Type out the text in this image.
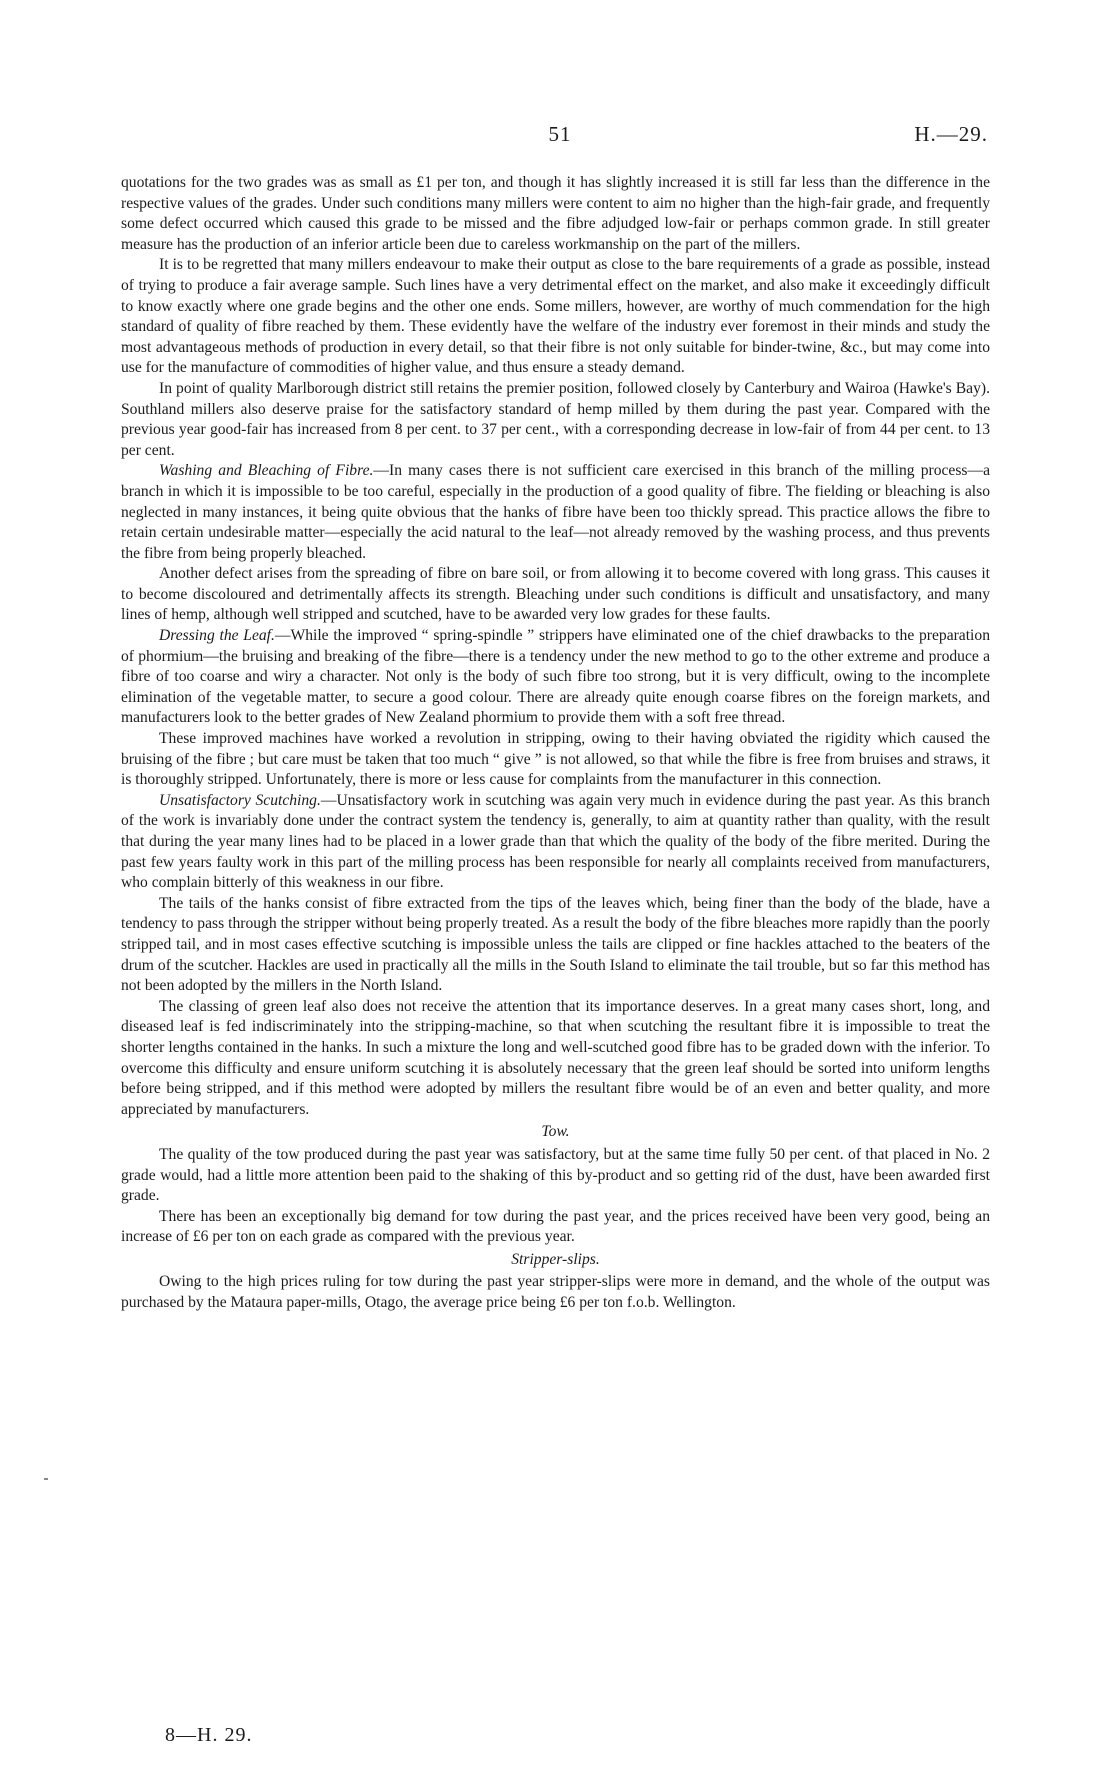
51	H.—29.

quotations for the two grades was as small as £1 per ton, and though it has slightly increased it is still far less than the difference in the respective values of the grades. Under such conditions many millers were content to aim no higher than the high-fair grade, and frequently some defect occurred which caused this grade to be missed and the fibre adjudged low-fair or perhaps common grade. In still greater measure has the production of an inferior article been due to careless workmanship on the part of the millers.

It is to be regretted that many millers endeavour to make their output as close to the bare requirements of a grade as possible, instead of trying to produce a fair average sample. Such lines have a very detrimental effect on the market, and also make it exceedingly difficult to know exactly where one grade begins and the other one ends. Some millers, however, are worthy of much commendation for the high standard of quality of fibre reached by them. These evidently have the welfare of the industry ever foremost in their minds and study the most advantageous methods of production in every detail, so that their fibre is not only suitable for binder-twine, &c., but may come into use for the manufacture of commodities of higher value, and thus ensure a steady demand.

In point of quality Marlborough district still retains the premier position, followed closely by Canterbury and Wairoa (Hawke's Bay). Southland millers also deserve praise for the satisfactory standard of hemp milled by them during the past year. Compared with the previous year good-fair has increased from 8 per cent. to 37 per cent., with a corresponding decrease in low-fair of from 44 per cent. to 13 per cent.

Washing and Bleaching of Fibre.—In many cases there is not sufficient care exercised in this branch of the milling process—a branch in which it is impossible to be too careful, especially in the production of a good quality of fibre. The fielding or bleaching is also neglected in many instances, it being quite obvious that the hanks of fibre have been too thickly spread. This practice allows the fibre to retain certain undesirable matter—especially the acid natural to the leaf—not already removed by the washing process, and thus prevents the fibre from being properly bleached.

Another defect arises from the spreading of fibre on bare soil, or from allowing it to become covered with long grass. This causes it to become discoloured and detrimentally affects its strength. Bleaching under such conditions is difficult and unsatisfactory, and many lines of hemp, although well stripped and scutched, have to be awarded very low grades for these faults.

Dressing the Leaf.—While the improved “ spring-spindle ” strippers have eliminated one of the chief drawbacks to the preparation of phormium—the bruising and breaking of the fibre—there is a tendency under the new method to go to the other extreme and produce a fibre of too coarse and wiry a character. Not only is the body of such fibre too strong, but it is very difficult, owing to the incomplete elimination of the vegetable matter, to secure a good colour. There are already quite enough coarse fibres on the foreign markets, and manufacturers look to the better grades of New Zealand phormium to provide them with a soft free thread.

These improved machines have worked a revolution in stripping, owing to their having obviated the rigidity which caused the bruising of the fibre ; but care must be taken that too much “ give ” is not allowed, so that while the fibre is free from bruises and straws, it is thoroughly stripped. Unfortunately, there is more or less cause for complaints from the manufacturer in this connection.

Unsatisfactory Scutching.—Unsatisfactory work in scutching was again very much in evidence during the past year. As this branch of the work is invariably done under the contract system the tendency is, generally, to aim at quantity rather than quality, with the result that during the year many lines had to be placed in a lower grade than that which the quality of the body of the fibre merited. During the past few years faulty work in this part of the milling process has been responsible for nearly all complaints received from manufacturers, who complain bitterly of this weakness in our fibre.

The tails of the hanks consist of fibre extracted from the tips of the leaves which, being finer than the body of the blade, have a tendency to pass through the stripper without being properly treated. As a result the body of the fibre bleaches more rapidly than the poorly stripped tail, and in most cases effective scutching is impossible unless the tails are clipped or fine hackles attached to the beaters of the drum of the scutcher. Hackles are used in practically all the mills in the South Island to eliminate the tail trouble, but so far this method has not been adopted by the millers in the North Island.

The classing of green leaf also does not receive the attention that its importance deserves. In a great many cases short, long, and diseased leaf is fed indiscriminately into the stripping-machine, so that when scutching the resultant fibre it is impossible to treat the shorter lengths contained in the hanks. In such a mixture the long and well-scutched good fibre has to be graded down with the inferior. To overcome this difficulty and ensure uniform scutching it is absolutely necessary that the green leaf should be sorted into uniform lengths before being stripped, and if this method were adopted by millers the resultant fibre would be of an even and better quality, and more appreciated by manufacturers.

Tow.

The quality of the tow produced during the past year was satisfactory, but at the same time fully 50 per cent. of that placed in No. 2 grade would, had a little more attention been paid to the shaking of this by-product and so getting rid of the dust, have been awarded first grade.

There has been an exceptionally big demand for tow during the past year, and the prices received have been very good, being an increase of £6 per ton on each grade as compared with the previous year.

Stripper-slips.

Owing to the high prices ruling for tow during the past year stripper-slips were more in demand, and the whole of the output was purchased by the Mataura paper-mills, Otago, the average price being £6 per ton f.o.b. Wellington.

8—H. 29.
